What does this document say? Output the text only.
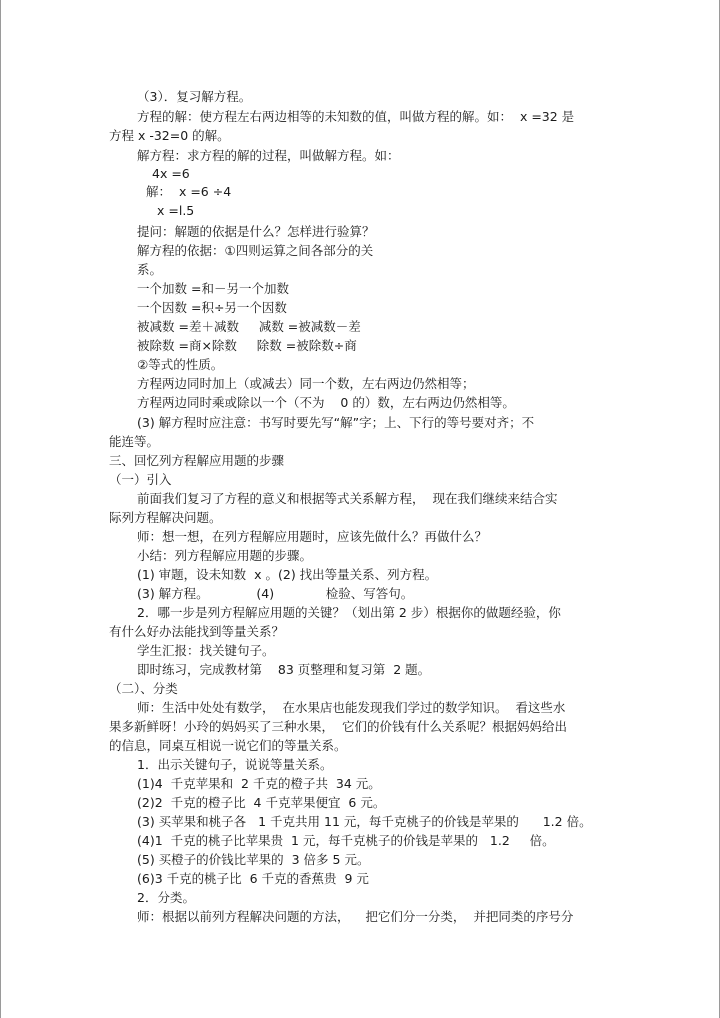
（3）．复习解方程。
方程的解：使方程左右两边相等的未知数的值，叫做方程的解。如：  x =32 是
方程 x -32=0 的解。
解方程：求方程的解的过程，叫做解方程。如：
4x =6
解：  x =6 ÷4
x =l.5
提问：解题的依据是什么？怎样进行验算？
解方程的依据：①四则运算之间各部分的关
系。
一个加数 =和－另一个加数
一个因数 =积÷另一个因数
被减数 =差＋减数     减数 =被减数－差
被除数 =商×除数     除数 =被除数÷商
②等式的性质。
方程两边同时加上（或减去）同一个数，左右两边仍然相等；
方程两边同时乘或除以一个（不为    0 的）数，左右两边仍然相等。
(3) 解方程时应注意：书写时要先写“解”字；上、下行的等号要对齐；不
能连等。
三、回忆列方程解应用题的步骤
（一）引入
前面我们复习了方程的意义和根据等式关系解方程，  现在我们继续来结合实
际列方程解决问题。
师：想一想，在列方程解应用题时，应该先做什么？再做什么？
小结：列方程解应用题的步骤。
(1) 审题，设未知数  x 。(2) 找出等量关系、列方程。
(3) 解方程。            (4)             检验、写答句。
2．哪一步是列方程解应用题的关键？（划出第 2 步）根据你的做题经验，你
有什么好办法能找到等量关系？
学生汇报：找关键句子。
即时练习，完成教材第    83 页整理和复习第  2 题。
（二）、分类
师：生活中处处有数学，  在水果店也能发现我们学过的数学知识。  看这些水
果多新鲜呀！小玲的妈妈买了三种水果，  它们的价钱有什么关系呢？根据妈妈给出
的信息，同桌互相说一说它们的等量关系。
1．出示关键句子，说说等量关系。
(1)4  千克苹果和  2 千克的橙子共  34 元。
(2)2  千克的橙子比  4 千克苹果便宜  6 元。
(3) 买苹果和桃子各   1 千克共用 11 元，每千克桃子的价钱是苹果的      1.2 倍。
(4)1  千克的桃子比苹果贵  1 元，每千克桃子的价钱是苹果的   1.2     倍。
(5) 买橙子的价钱比苹果的  3 倍多 5 元。
(6)3 千克的桃子比  6 千克的香蕉贵  9 元
2．分类。
师：根据以前列方程解决问题的方法，    把它们分一分类，  并把同类的序号分
